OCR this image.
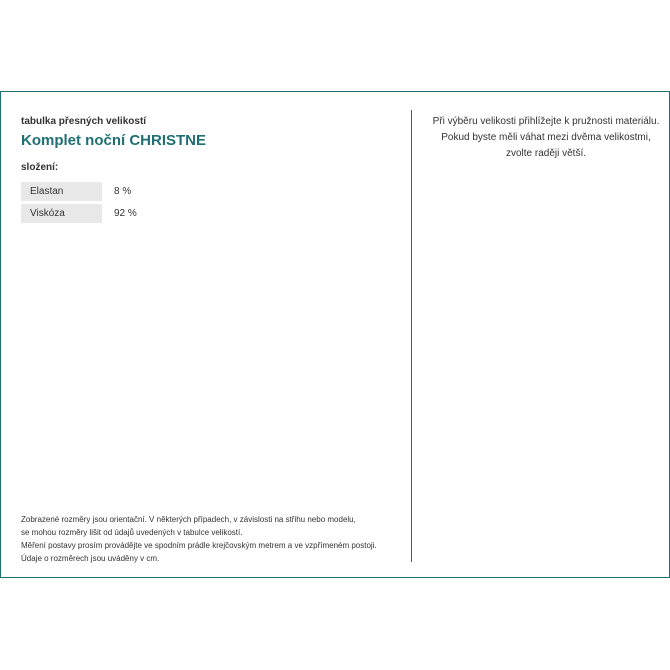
tabulka přesných velikostí
Komplet noční CHRISTNE
složení:
Elastan	8 %
Viskóza	92 %

Zobrazené rozměry jsou orientační. V některých případech, v závislosti na střihu nebo modelu,

se mohou rozměry lišit od údajů uvedených v tabulce velikostí.

Měření postavy prosím provádějte ve spodním prádle krejčovským metrem a ve vzpřímeném postoji.

Údaje o rozměrech jsou uváděny v cm.

Při výběru velikosti přihlížejte k pružnosti materiálu.

Pokud byste měli váhat mezi dvěma velikostmi,

zvolte raději větší.
